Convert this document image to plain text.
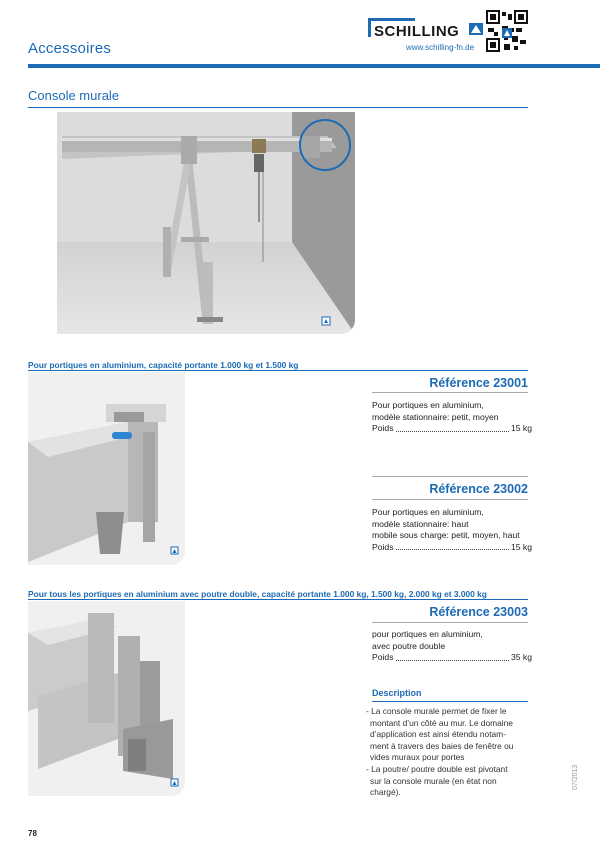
Accessoires
SCHILLING
www.schilling-fn.de
Console murale
Pour portiques en aluminium, capacité portante 1.000 kg et 1.500 kg
Référence 23001
Pour portiques en aluminium,
modèle stationnaire: petit, moyen
Poids	15 kg
Référence 23002
Pour portiques en aluminium,
modèle stationnaire: haut
mobile sous charge: petit, moyen, haut
Poids	15 kg
Pour tous les portiques en aluminium avec poutre double, capacité portante 1.000 kg, 1.500 kg, 2.000 kg et 3.000 kg
Référence 23003
pour portiques en aluminium,
avec poutre double
Poids	35 kg
Description
- La console murale permet de fixer le
montant d’un côté au mur. Le domaine
d’application est ainsi étendu notam-
ment à travers des baies de fenêtre ou
vides muraux pour portes
- La poutre/ poutre double est pivotant
sur la console murale (en état non
chargé).
78
07/2013
